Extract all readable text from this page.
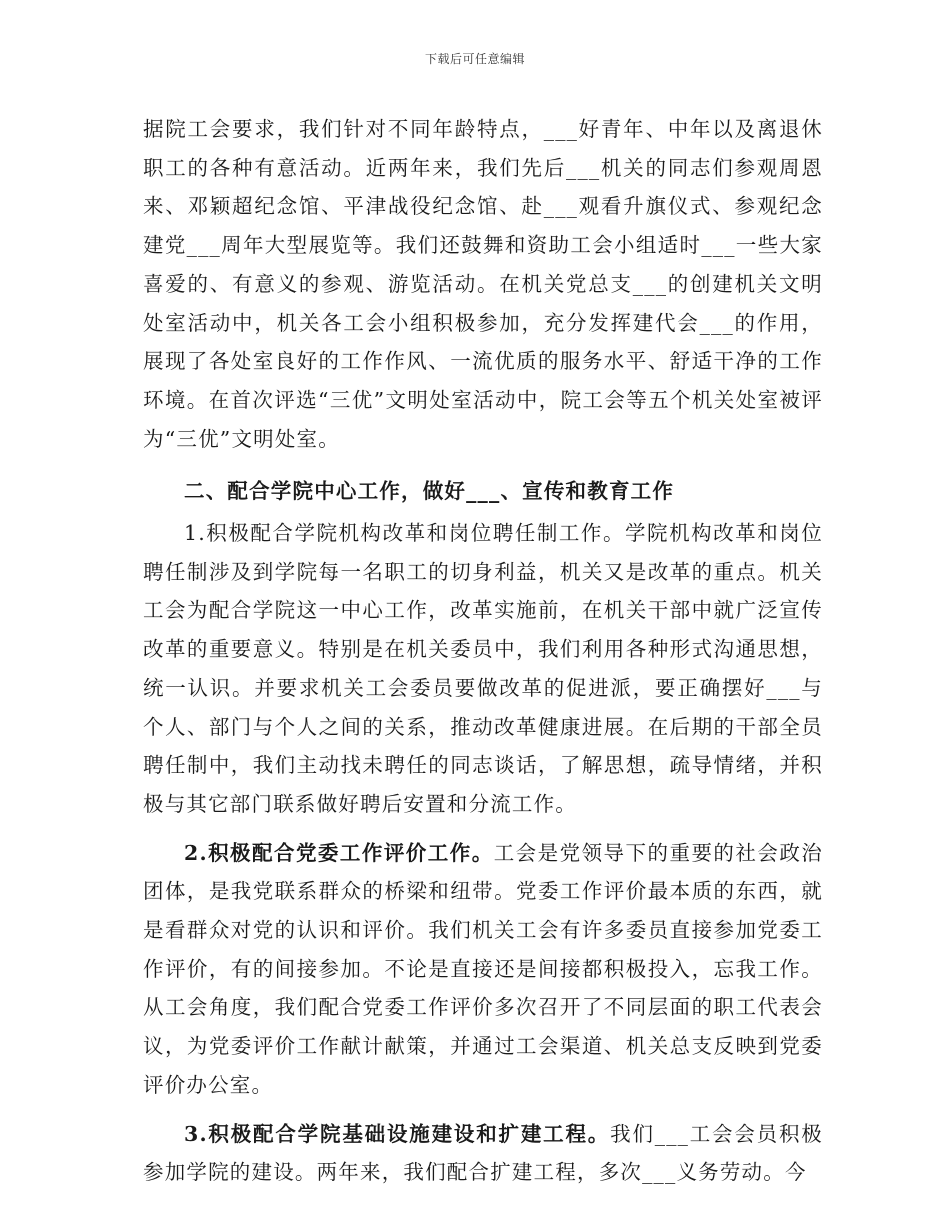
下载后可任意编辑

据院工会要求，我们针对不同年龄特点，___好青年、中年以及离退休职工的各种有意活动。近两年来，我们先后___机关的同志们参观周恩来、邓颖超纪念馆、平津战役纪念馆、赴___观看升旗仪式、参观纪念建党___周年大型展览等。我们还鼓舞和资助工会小组适时___一些大家喜爱的、有意义的参观、游览活动。在机关党总支___的创建机关文明处室活动中，机关各工会小组积极参加，充分发挥建代会___的作用，展现了各处室良好的工作作风、一流优质的服务水平、舒适干净的工作环境。在首次评选“三优”文明处室活动中，院工会等五个机关处室被评为“三优”文明处室。

二、配合学院中心工作，做好___、宣传和教育工作

1.积极配合学院机构改革和岗位聘任制工作。学院机构改革和岗位聘任制涉及到学院每一名职工的切身利益，机关又是改革的重点。机关工会为配合学院这一中心工作，改革实施前，在机关干部中就广泛宣传改革的重要意义。特别是在机关委员中，我们利用各种形式沟通思想，统一认识。并要求机关工会委员要做改革的促进派，要正确摆好___与个人、部门与个人之间的关系，推动改革健康进展。在后期的干部全员聘任制中，我们主动找未聘任的同志谈话，了解思想，疏导情绪，并积极与其它部门联系做好聘后安置和分流工作。

2.积极配合党委工作评价工作。工会是党领导下的重要的社会政治团体，是我党联系群众的桥梁和纽带。党委工作评价最本质的东西，就是看群众对党的认识和评价。我们机关工会有许多委员直接参加党委工作评价，有的间接参加。不论是直接还是间接都积极投入，忘我工作。从工会角度，我们配合党委工作评价多次召开了不同层面的职工代表会议，为党委评价工作献计献策，并通过工会渠道、机关总支反映到党委评价办公室。

3.积极配合学院基础设施建设和扩建工程。我们___工会会员积极参加学院的建设。两年来，我们配合扩建工程，多次___义务劳动。今
